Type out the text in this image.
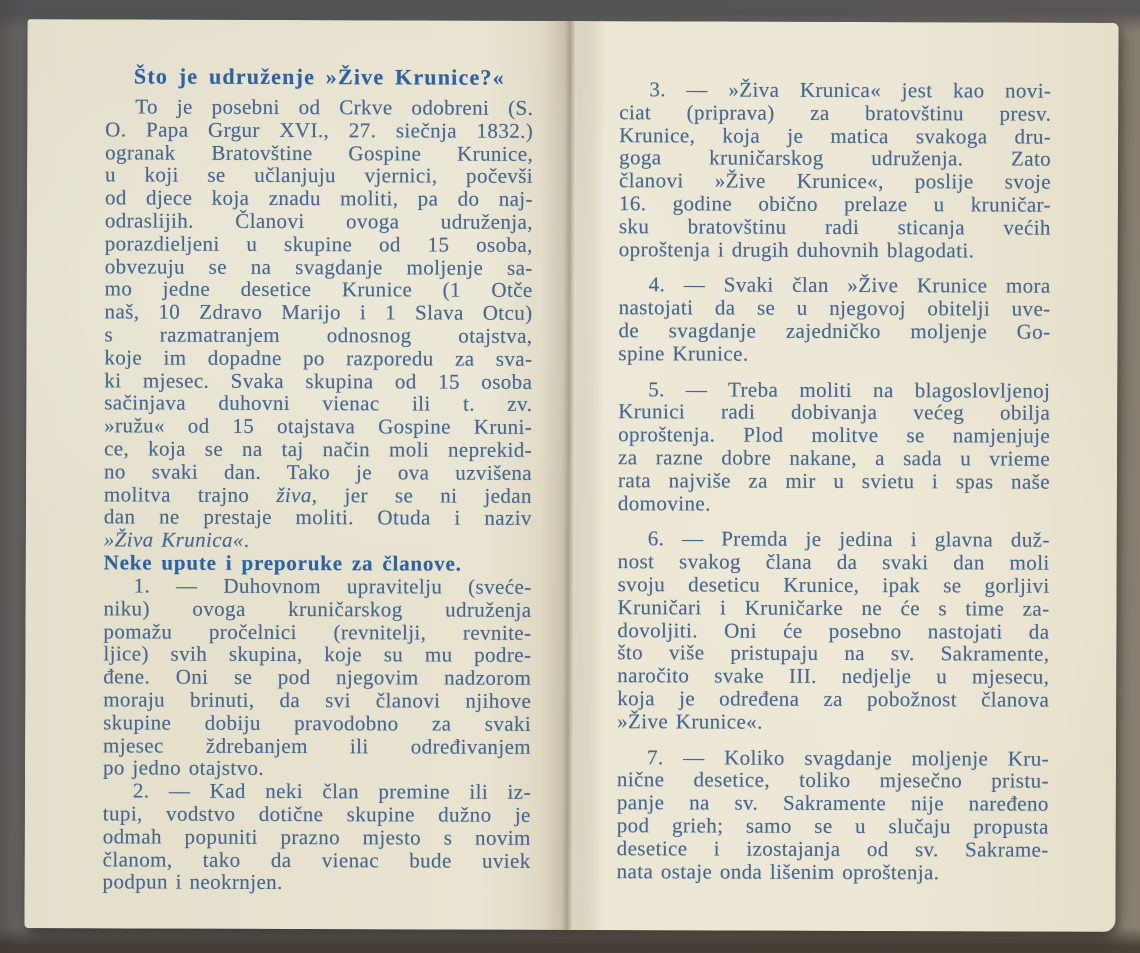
Što je udruženje »Žive Krunice?«
To je posebni od Crkve odobreni (S.
O. Papa Grgur XVI., 27. siečnja 1832.)
ogranak Bratovštine Gospine Krunice,
u koji se učlanjuju vjernici, počevši
od djece koja znadu moliti, pa do naj-
odraslijih. Članovi ovoga udruženja,
porazdieljeni u skupine od 15 osoba,
obvezuju se na svagdanje moljenje sa-
mo jedne desetice Krunice (1 Otče
naš, 10 Zdravo Marijo i 1 Slava Otcu)
s razmatranjem odnosnog otajstva,
koje im dopadne po razporedu za sva-
ki mjesec. Svaka skupina od 15 osoba
sačinjava duhovni vienac ili t. zv.
»ružu« od 15 otajstava Gospine Kruni-
ce, koja se na taj način moli neprekid-
no svaki dan. Tako je ova uzvišena
molitva trajno živa, jer se ni jedan
dan ne prestaje moliti. Otuda i naziv
»Živa Krunica«.
Neke upute i preporuke za članove.
1. — Duhovnom upravitelju (sveće-
niku) ovoga kruničarskog udruženja
pomažu pročelnici (revnitelji, revnite-
ljice) svih skupina, koje su mu podre-
đene. Oni se pod njegovim nadzorom
moraju brinuti, da svi članovi njihove
skupine dobiju pravodobno za svaki
mjesec ždrebanjem ili određivanjem
po jedno otajstvo.
2. — Kad neki član premine ili iz-
tupi, vodstvo dotične skupine dužno je
odmah popuniti prazno mjesto s novim
članom, tako da vienac bude uviek
podpun i neokrnjen.
3. — »Živa Krunica« jest kao novi-
ciat (priprava) za bratovštinu presv.
Krunice, koja je matica svakoga dru-
goga kruničarskog udruženja. Zato
članovi »Žive Krunice«, poslije svoje
16. godine obično prelaze u kruničar-
sku bratovštinu radi sticanja većih
oproštenja i drugih duhovnih blagodati.
4. — Svaki član »Žive Krunice mora
nastojati da se u njegovoj obitelji uve-
de svagdanje zajedničko moljenje Go-
spine Krunice.
5. — Treba moliti na blagoslovljenoj
Krunici radi dobivanja većeg obilja
oproštenja. Plod molitve se namjenjuje
za razne dobre nakane, a sada u vrieme
rata najviše za mir u svietu i spas naše
domovine.
6. — Premda je jedina i glavna duž-
nost svakog člana da svaki dan moli
svoju deseticu Krunice, ipak se gorljivi
Kruničari i Kruničarke ne će s time za-
dovoljiti. Oni će posebno nastojati da
što više pristupaju na sv. Sakramente,
naročito svake III. nedjelje u mjesecu,
koja je određena za pobožnost članova
»Žive Krunice«.
7. — Koliko svagdanje moljenje Kru-
nične desetice, toliko mjesečno pristu-
panje na sv. Sakramente nije naređeno
pod grieh; samo se u slučaju propusta
desetice i izostajanja od sv. Sakrame-
nata ostaje onda lišenim oproštenja.
